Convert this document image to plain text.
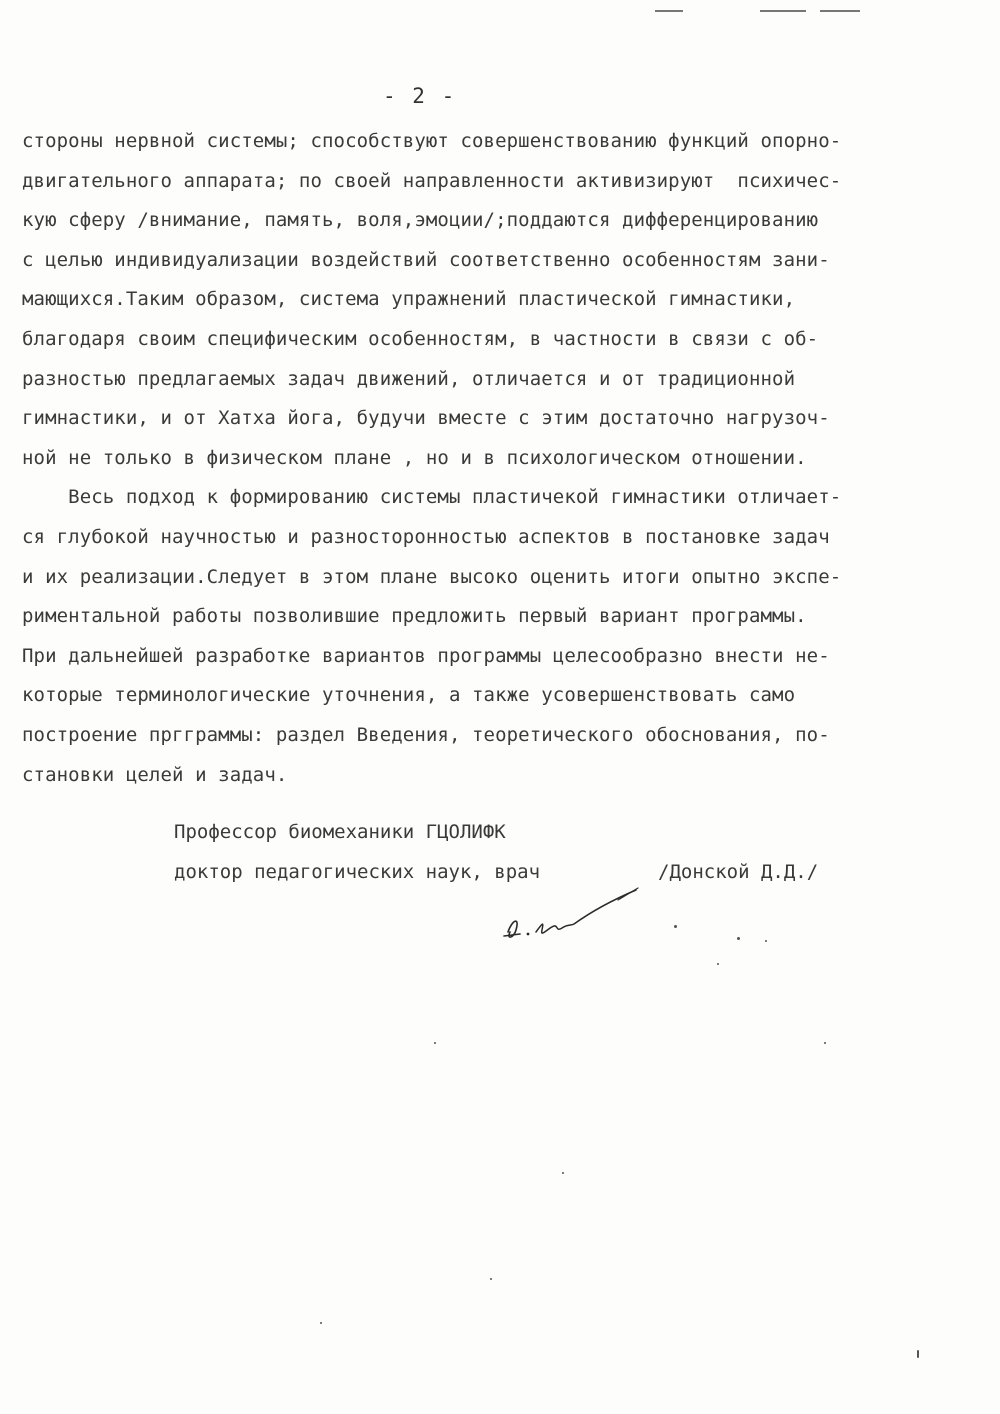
- 2 -
стороны нервной системы; способствуют совершенствованию функций опорно-
двигательного аппарата; по своей направленности активизируют  психичес-
кую сферу /внимание, память, воля,эмоции/;поддаются дифференцированию
с целью индивидуализации воздействий соответственно особенностям зани-
мающихся.Таким образом, система упражнений пластической гимнастики,
благодаря своим специфическим особенностям, в частности в связи с об-
разностью предлагаемых задач движений, отличается и от традиционной
гимнастики, и от Хатха йога, будучи вместе с этим достаточно нагрузоч-
ной не только в физическом плане , но и в психологическом отношении.
Весь подход к формированию системы пластичекой гимнастики отличает-
ся глубокой научностью и разносторонностью аспектов в постановке задач
и их реализации.Следует в этом плане высоко оценить итоги опытно экспе-
риментальной работы позволившие предложить первый вариант программы.
При дальнейшей разработке вариантов программы целесообразно внести не-
которые терминологические уточнения, а также усовершенствовать само
построение пргграммы: раздел Введения, теоретического обоснования, по-
становки целей и задач.
Профессор биомеханики ГЦОЛИФК
доктор педагогических наук, врач	/Донской Д.Д./
